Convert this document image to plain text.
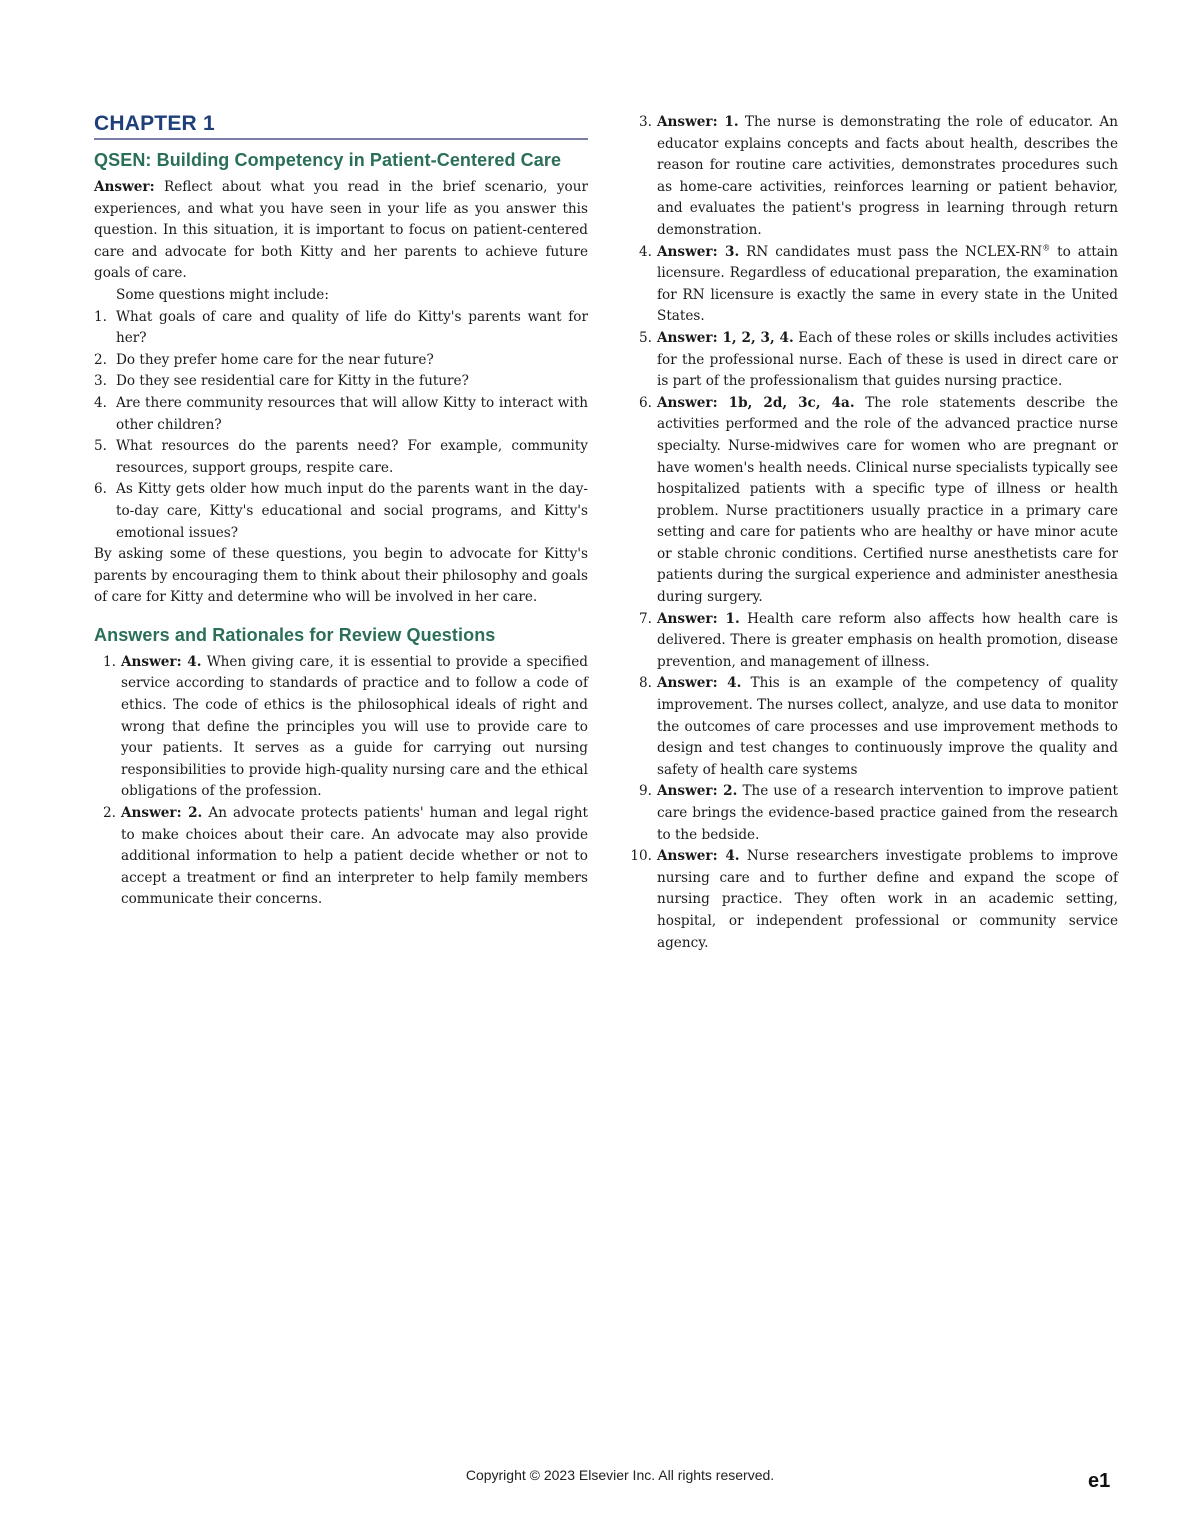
CHAPTER 1
QSEN: Building Competency in Patient-Centered Care

Answer: Reflect about what you read in the brief scenario, your experiences, and what you have seen in your life as you answer this question. In this situation, it is important to focus on patient-centered care and advocate for both Kitty and her parents to achieve future goals of care.

Some questions might include:

1. What goals of care and quality of life do Kitty's parents want for her?
2. Do they prefer home care for the near future?
3. Do they see residential care for Kitty in the future?
4. Are there community resources that will allow Kitty to interact with other children?
5. What resources do the parents need? For example, community resources, support groups, respite care.
6. As Kitty gets older how much input do the parents want in the day-to-day care, Kitty's educational and social programs, and Kitty's emotional issues?

By asking some of these questions, you begin to advocate for Kitty's parents by encouraging them to think about their philosophy and goals of care for Kitty and determine who will be involved in her care.

Answers and Rationales for Review Questions
1. Answer: 4. When giving care, it is essential to provide a specified service according to standards of practice and to follow a code of ethics. The code of ethics is the philosophical ideals of right and wrong that define the principles you will use to provide care to your patients. It serves as a guide for carrying out nursing responsibilities to provide high-quality nursing care and the ethical obligations of the profession.
2. Answer: 2. An advocate protects patients' human and legal right to make choices about their care. An advocate may also provide additional information to help a patient decide whether or not to accept a treatment or find an interpreter to help family members communicate their concerns.
3. Answer: 1. The nurse is demonstrating the role of educator. An educator explains concepts and facts about health, describes the reason for routine care activities, demonstrates procedures such as home-care activities, reinforces learning or patient behavior, and evaluates the patient's progress in learning through return demonstration.
4. Answer: 3. RN candidates must pass the NCLEX-RN® to attain licensure. Regardless of educational preparation, the examination for RN licensure is exactly the same in every state in the United States.
5. Answer: 1, 2, 3, 4. Each of these roles or skills includes activities for the professional nurse. Each of these is used in direct care or is part of the professionalism that guides nursing practice.
6. Answer: 1b, 2d, 3c, 4a. The role statements describe the activities performed and the role of the advanced practice nurse specialty. Nurse-midwives care for women who are pregnant or have women's health needs. Clinical nurse specialists typically see hospitalized patients with a specific type of illness or health problem. Nurse practitioners usually practice in a primary care setting and care for patients who are healthy or have minor acute or stable chronic conditions. Certified nurse anesthetists care for patients during the surgical experience and administer anesthesia during surgery.
7. Answer: 1. Health care reform also affects how health care is delivered. There is greater emphasis on health promotion, disease prevention, and management of illness.
8. Answer: 4. This is an example of the competency of quality improvement. The nurses collect, analyze, and use data to monitor the outcomes of care processes and use improvement methods to design and test changes to continuously improve the quality and safety of health care systems
9. Answer: 2. The use of a research intervention to improve patient care brings the evidence-based practice gained from the research to the bedside.
10. Answer: 4. Nurse researchers investigate problems to improve nursing care and to further define and expand the scope of nursing practice. They often work in an academic setting, hospital, or independent professional or community service agency.
Copyright © 2023 Elsevier Inc. All rights reserved.	e1
